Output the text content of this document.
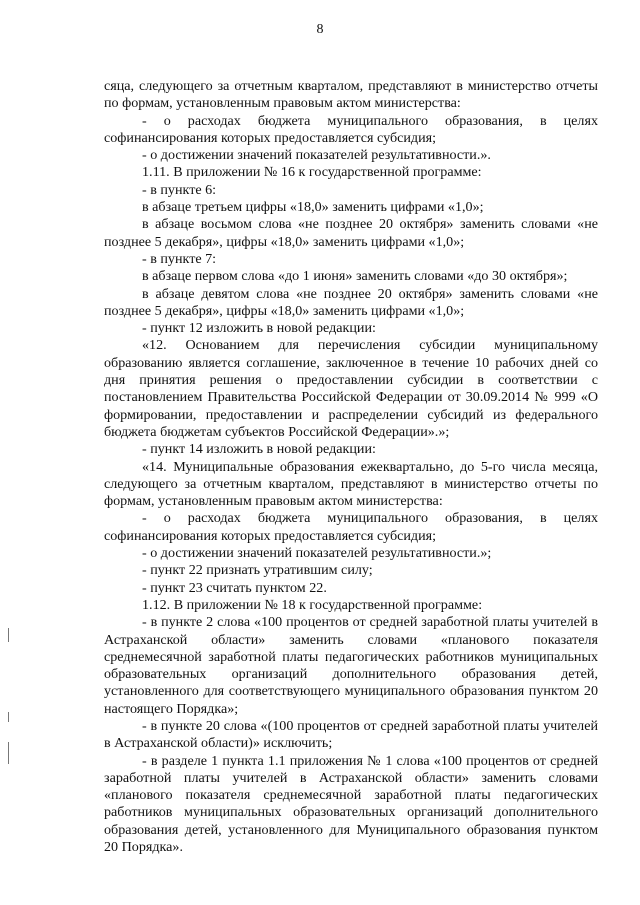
8

сяца, следующего за отчетным кварталом, представляют в министерство отчеты по формам, установленным правовым актом министерства:

- о расходах бюджета муниципального образования, в целях софинансирования которых предоставляется субсидия;

- о достижении значений показателей результативности.».

1.11. В приложении № 16 к государственной программе:

- в пункте 6:

в абзаце третьем цифры «18,0» заменить цифрами «1,0»;

в абзаце восьмом слова «не позднее 20 октября» заменить словами «не позднее 5 декабря», цифры «18,0» заменить цифрами «1,0»;

- в пункте 7:

в абзаце первом слова «до 1 июня» заменить словами «до 30 октября»;

в абзаце девятом слова «не позднее 20 октября» заменить словами «не позднее 5 декабря», цифры «18,0» заменить цифрами «1,0»;

- пункт 12 изложить в новой редакции:

«12. Основанием для перечисления субсидии муниципальному образованию является соглашение, заключенное в течение 10 рабочих дней со дня принятия решения о предоставлении субсидии в соответствии с постановлением Правительства Российской Федерации от 30.09.2014 № 999 «О формировании, предоставлении и распределении субсидий из федерального бюджета бюджетам субъектов Российской Федерации».»;

- пункт 14 изложить в новой редакции:

«14. Муниципальные образования ежеквартально, до 5-го числа месяца, следующего за отчетным кварталом, представляют в министерство отчеты по формам, установленным правовым актом министерства:

- о расходах бюджета муниципального образования, в целях софинансирования которых предоставляется субсидия;

- о достижении значений показателей результативности.»;

- пункт 22 признать утратившим силу;

- пункт 23 считать пунктом 22.

1.12. В приложении № 18 к государственной программе:

- в пункте 2 слова «100 процентов от средней заработной платы учителей в Астраханской области» заменить словами «планового показателя среднемесячной заработной платы педагогических работников муниципальных образовательных организаций дополнительного образования детей, установленного для соответствующего муниципального образования пунктом 20 настоящего Порядка»;

- в пункте 20 слова «(100 процентов от средней заработной платы учителей в Астраханской области)» исключить;

- в разделе 1 пункта 1.1 приложения № 1 слова «100 процентов от средней заработной платы учителей в Астраханской области» заменить словами «планового показателя среднемесячной заработной платы педагогических работников муниципальных образовательных организаций дополнительного образования детей, установленного для Муниципального образования пунктом 20 Порядка».
